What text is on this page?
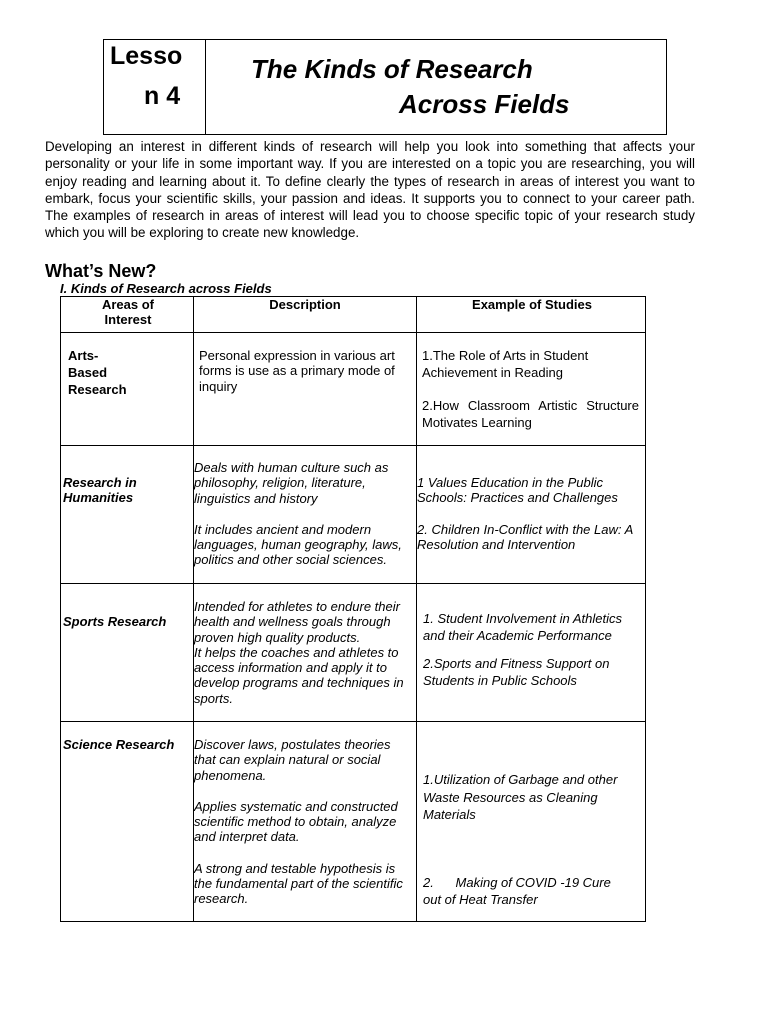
Lesso
n 4
The Kinds of Research
Across Fields

Developing an interest in different kinds of research will help you look into something that affects your personality or your life in some important way. If you are interested on a topic you are researching, you will enjoy reading and learning about it. To define clearly the types of research in areas of interest you want to embark, focus your scientific skills, your passion and ideas. It supports you to connect to your career path. The examples of research in areas of interest will lead you to choose specific topic of your research study which you will be exploring to create new knowledge.

What’s New?
I. Kinds of Research across Fields
Areas of Interest
Description	Example of Studies
Arts- Based Research

Personal expression in various art forms is use as a primary mode of inquiry

1.The Role of Arts in Student Achievement in Reading

2.How Classroom Artistic Structure Motivates Learning

Research in Humanities

Deals with human culture such as philosophy, religion, literature, linguistics and history

It includes ancient and modern languages, human geography, laws, politics and other social sciences.

1 Values Education in the Public Schools: Practices and Challenges

2. Children In-Conflict with the Law: A Resolution and Intervention

Sports Research

Intended for athletes to endure their health and wellness goals through proven high quality products.

It helps the coaches and athletes to access information and apply it to develop programs and techniques in sports.

1. Student Involvement in Athletics and their Academic Performance

2.Sports and Fitness Support on Students in Public Schools

Science Research	Discover laws, postulates theories that can explain natural or social phenomena.

Applies systematic and constructed scientific method to obtain, analyze and interpret data.

A strong and testable hypothesis is the fundamental part of the scientific research.

1.Utilization of Garbage and other Waste Resources as Cleaning Materials

2.      Making of COVID -19 Cure out of Heat Transfer
